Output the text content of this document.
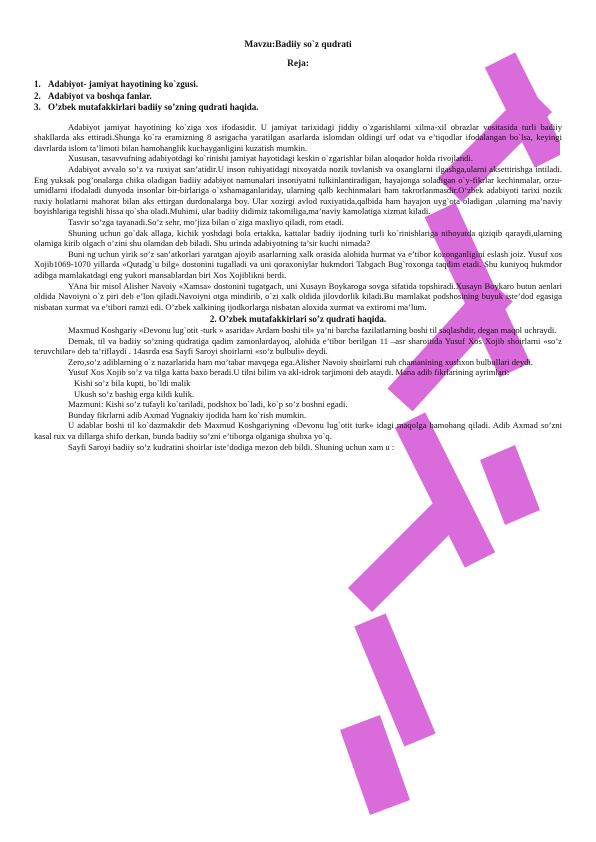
Mavzu:Badiiy so`z qudrati
Reja:
1. Adabiyot- jamiyat hayotining ko`zgusi.
2. Adabiyot va boshqa fanlar.
3. O’zbek mutafakkirlari badiiy so’zning qudrati haqida.

Adabiyot jamiyat hayotining ko`ziga xos ifodasidir. U jamiyat tarixidagi jiddiy o`zgarishlarni xilma-xil obrazlar vositasida turli badiiy shakllarda aks ettiradi.Shunga ko`ra eramizning 8 asrigacha yaratilgan asarlarda islomdan oldingi urf odat va e’tiqodlar ifodalangan bo`lsa, keyingi davrlarda islom ta’limoti bilan hamohanglik kuchayganligini kuzatish mumkin.

Xususan, tasavvufning adabiyotdagi ko`rinishi jamiyat hayotidagi keskin o`zgarishlar bilan aloqador holda rivojlandi.

Adabiyot avvalo so’z va ruxiyat san’atidir.U inson ruhiyatidagi nixoyatda nozik tovlanish va oxanglarni ilgashga,ularni aksettirishga intiladi. Eng yuksak pog’onalarga chika oladigan badiiy adabiyot namunalari insoniyatni tulkinlantiradigan, hayajonga soladigan o`y-fikrlar kechinmalar, orzu-umidlarni ifodaladi dunyoda insonlar bir-birlariga o`xshamaganlariday, ularning qalb kechinmalari ham takrorlanmasdir.O‘zbek adabiyoti tarixi nozik ruxiy holatlarni mahorat bilan aks ettirgan durdonalarga boy. Ular xozirgi avlod ruxiyatida,qalbida ham hayajon uyg`ota oladigan ,ularning ma’naviy boyishlariga tegishli hissa qo`sha oladi.Muhimi, ular badiiy didimiz takomiliga,ma’naviy kamolatiga xizmat kiladi.

Tasvir so’zga tayanadi.So’z sehr, mo’jiza bilan o`ziga maxliyo qiladi, rom etadi.

Shuning uchun go`dak allaga, kichik yoshdagi bola ertakka, kattalar badiiy ijodning turli ko`rinishlariga nihoyatda qiziqib qaraydi,ularning olamiga kirib olgach o’zini shu olamdan deb biladi. Shu urinda adabiyotning ta’sir kuchi nimada?

Buni ng uchun yirik so’z san’atkorlari yaratgan ajoyib asarlarning xalk orasida alohida hurmat va e’tibor kozonganligini eslash joiz. Yusuf xos Xojib1069-1070 yillarda «Qutadg`u bilg» dostonini tugalladi va uni qoraxoniylar hukmdori Tabgach Bug`roxonga taqdim etadi. Shu kuniyoq hukmdor adibga mamlakatdagi eng yukori mansablardan biri Xos Xojiblikni berdi.

YAna bir misol Alisher Navoiy «Xamsa» dostonini tugatgach, uni Xusayn Boykaroga sovga sifatida topshiradi.Xusayn Boykaro butun aenlari oldida Navoiyni o`z piri deb e’lon qiladi.Navoiyni otga mindirib, o`zi xalk oldida jilovdorlik kiladi.Bu mamlakat podshosining buyuk iste’dod egasiga nisbatan xurmat va e’tibori ramzi edi. O’zbek xalkining ijodkorlarga nisbatan aloxida xurmat va extiromi ma’lum.

2. O’zbek mutafakkirlari so’z qudrati haqida.

Maxmud Koshgariy «Devonu lug`otit -turk » asarida» Ardam boshi til» ya’ni barcha fazilatlarning boshi til saqlashdir, degan maqol uchraydi.

Demak, til va badiiy so’zning qudratiga qadim zamonlardayoq, alohida e’tibor berilgan 11 –asr sharoitida Yusuf Xos Xojib shoirlarni «so’z teruvchilar» deb ta’riflaydi . 14asrda esa Sayfi Saroyi shoirlarni «so’z bulbuli» deydi.

Zero,so’z adiblarning o`z nazarlarida ham mo’tabar mavqega ega.Alisher Navoiy shoirlarni ruh chamanining xushxon bulbullari deydi.

Yusuf Xos Xojib so’z va tilga katta baxo beradi.U tilni bilim va akl-idrok tarjimoni deb ataydi. Mana adib fikrlarining ayrimlari:

Kishi so’z bila kupti, bo`ldi malik

Ukush so’z bashig erga kildi kulik.

Mazmuni: Kishi so’z tufayli ko`tariladi, podshox bo`ladi, ko`p so’z boshni egadi.

Bunday fikrlarni adib Axmad Yugnakiy ijodida ham ko`rish mumkin.

U adablar boshi til ko`dazmakdir deb Maxmud Koshgariyning «Devonu lug`otit turk» idagi maqolga hamohang qiladi. Adib Axmad so’zni kasal rux va dillarga shifo derkan, bunda badiiy so’zni e’tiborga olganiga shubxa yo`q.

Sayfi Saroyi badiiy so’z kudratini shoirlar iste’dodiga mezon deb bildi. Shuning uchun xam u :
